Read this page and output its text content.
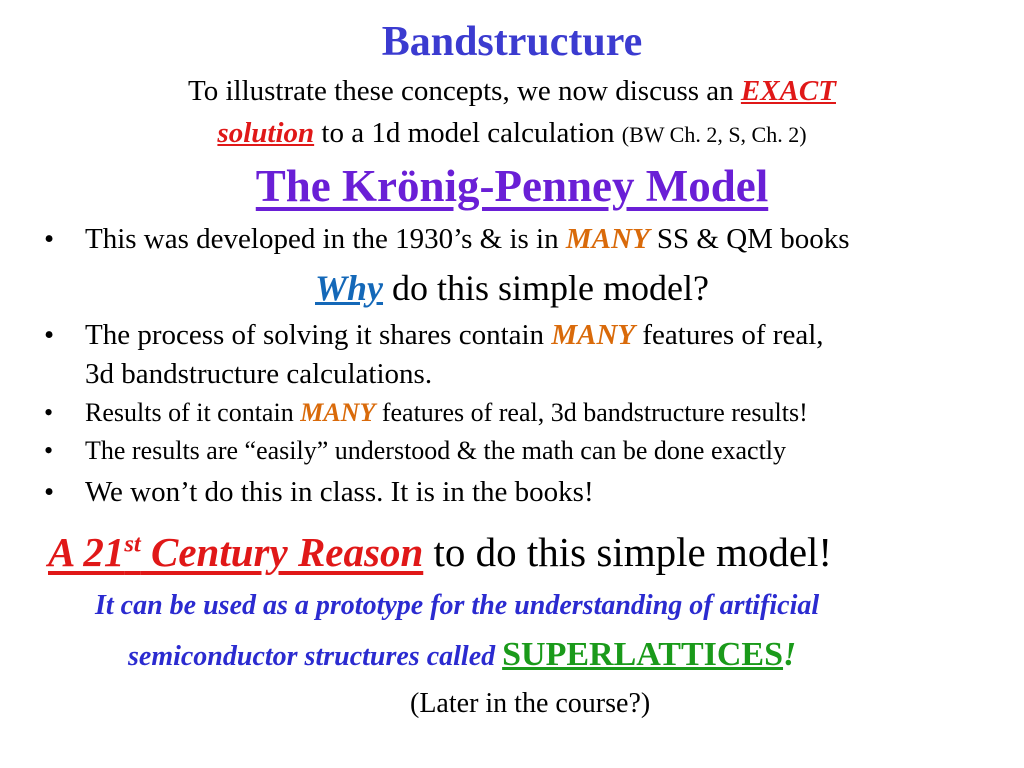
Bandstructure
To illustrate these concepts, we now discuss an EXACT
solution to a 1d model calculation (BW Ch. 2, S, Ch. 2)
The Krönig-Penney Model
• This was developed in the 1930’s & is in MANY SS & QM books
Why do this simple model?
• The process of solving it shares contain MANY features of real,
3d bandstructure calculations.
• Results of it contain MANY features of real, 3d bandstructure results!
• The results are “easily” understood & the math can be done exactly
• We won’t do this in class. It is in the books!
A 21st Century Reason to do this simple model!
It can be used as a prototype for the understanding of artificial
semiconductor structures called SUPERLATTICES!
(Later in the course?)
